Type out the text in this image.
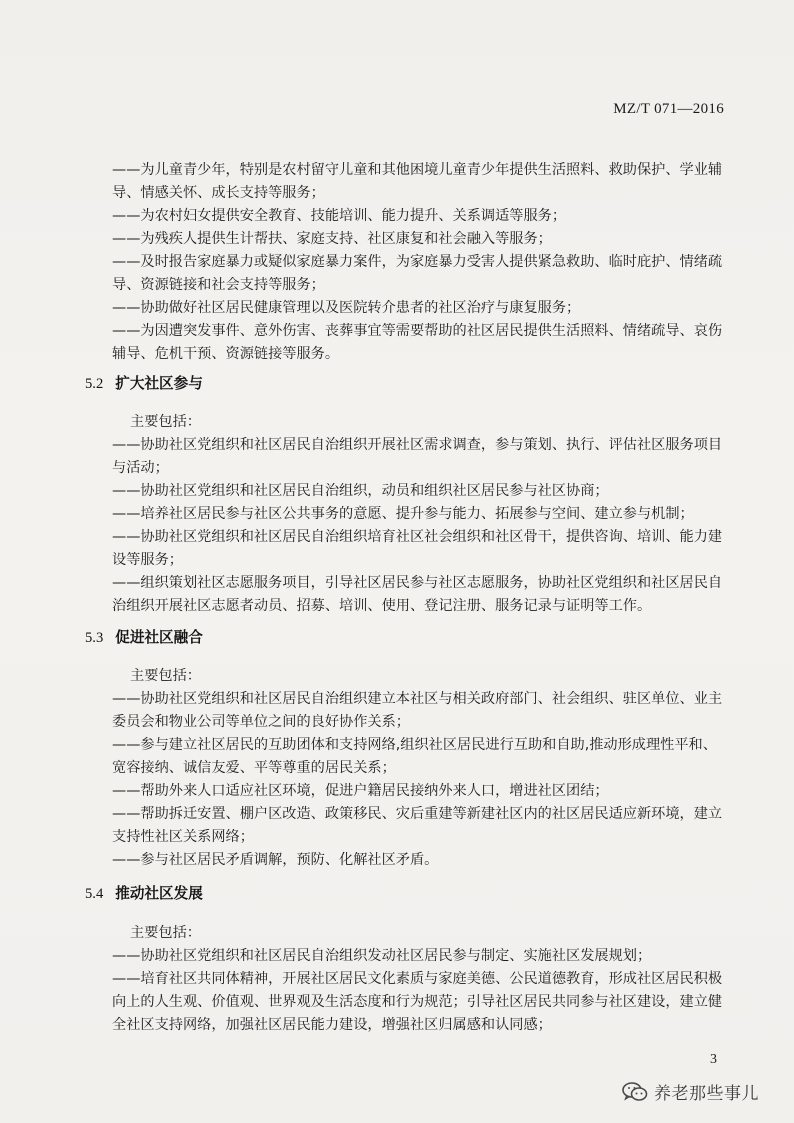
MZ/T 071—2016
——为儿童青少年，特别是农村留守儿童和其他困境儿童青少年提供生活照料、救助保护、学业辅
导、情感关怀、成长支持等服务；
——为农村妇女提供安全教育、技能培训、能力提升、关系调适等服务；
——为残疾人提供生计帮扶、家庭支持、社区康复和社会融入等服务；
——及时报告家庭暴力或疑似家庭暴力案件，为家庭暴力受害人提供紧急救助、临时庇护、情绪疏
导、资源链接和社会支持等服务；
——协助做好社区居民健康管理以及医院转介患者的社区治疗与康复服务；
——为因遭突发事件、意外伤害、丧葬事宜等需要帮助的社区居民提供生活照料、情绪疏导、哀伤
辅导、危机干预、资源链接等服务。
5.2 扩大社区参与
主要包括：
——协助社区党组织和社区居民自治组织开展社区需求调查，参与策划、执行、评估社区服务项目
与活动；
——协助社区党组织和社区居民自治组织，动员和组织社区居民参与社区协商；
——培养社区居民参与社区公共事务的意愿、提升参与能力、拓展参与空间、建立参与机制；
——协助社区党组织和社区居民自治组织培育社区社会组织和社区骨干，提供咨询、培训、能力建
设等服务；
——组织策划社区志愿服务项目，引导社区居民参与社区志愿服务，协助社区党组织和社区居民自
治组织开展社区志愿者动员、招募、培训、使用、登记注册、服务记录与证明等工作。
5.3 促进社区融合
主要包括：
——协助社区党组织和社区居民自治组织建立本社区与相关政府部门、社会组织、驻区单位、业主
委员会和物业公司等单位之间的良好协作关系；
——参与建立社区居民的互助团体和支持网络,组织社区居民进行互助和自助,推动形成理性平和、
宽容接纳、诚信友爱、平等尊重的居民关系；
——帮助外来人口适应社区环境，促进户籍居民接纳外来人口，增进社区团结；
——帮助拆迁安置、棚户区改造、政策移民、灾后重建等新建社区内的社区居民适应新环境，建立
支持性社区关系网络；
——参与社区居民矛盾调解，预防、化解社区矛盾。
5.4 推动社区发展
主要包括：
——协助社区党组织和社区居民自治组织发动社区居民参与制定、实施社区发展规划；
——培育社区共同体精神，开展社区居民文化素质与家庭美德、公民道德教育，形成社区居民积极
向上的人生观、价值观、世界观及生活态度和行为规范；引导社区居民共同参与社区建设，建立健
全社区支持网络，加强社区居民能力建设，增强社区归属感和认同感；
3
养老那些事儿
